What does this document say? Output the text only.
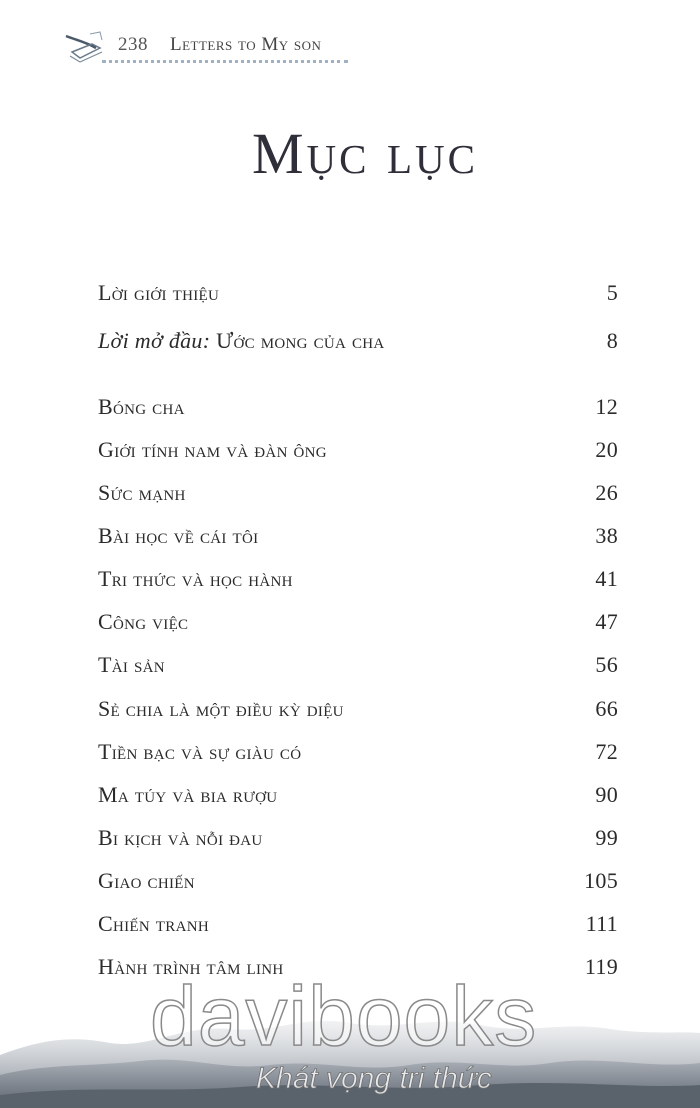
238 Letters to My son
Mục lục
Lời giới thiệu	5
Lời mở đầu: Ước mong của cha	8
Bóng cha	12
Giới tính nam và đàn ông	20
Sức mạnh	26
Bài học về cái tôi	38
Tri thức và học hành	41
Công việc	47
Tài sản	56
Sẻ chia là một điều kỳ diệu	66
Tiền bạc và sự giàu có	72
Ma túy và bia rượu	90
Bi kịch và nỗi đau	99
Giao chiến	105
Chiến tranh	111
Hành trình tâm linh	119
davibooks
Khát vọng tri thức
